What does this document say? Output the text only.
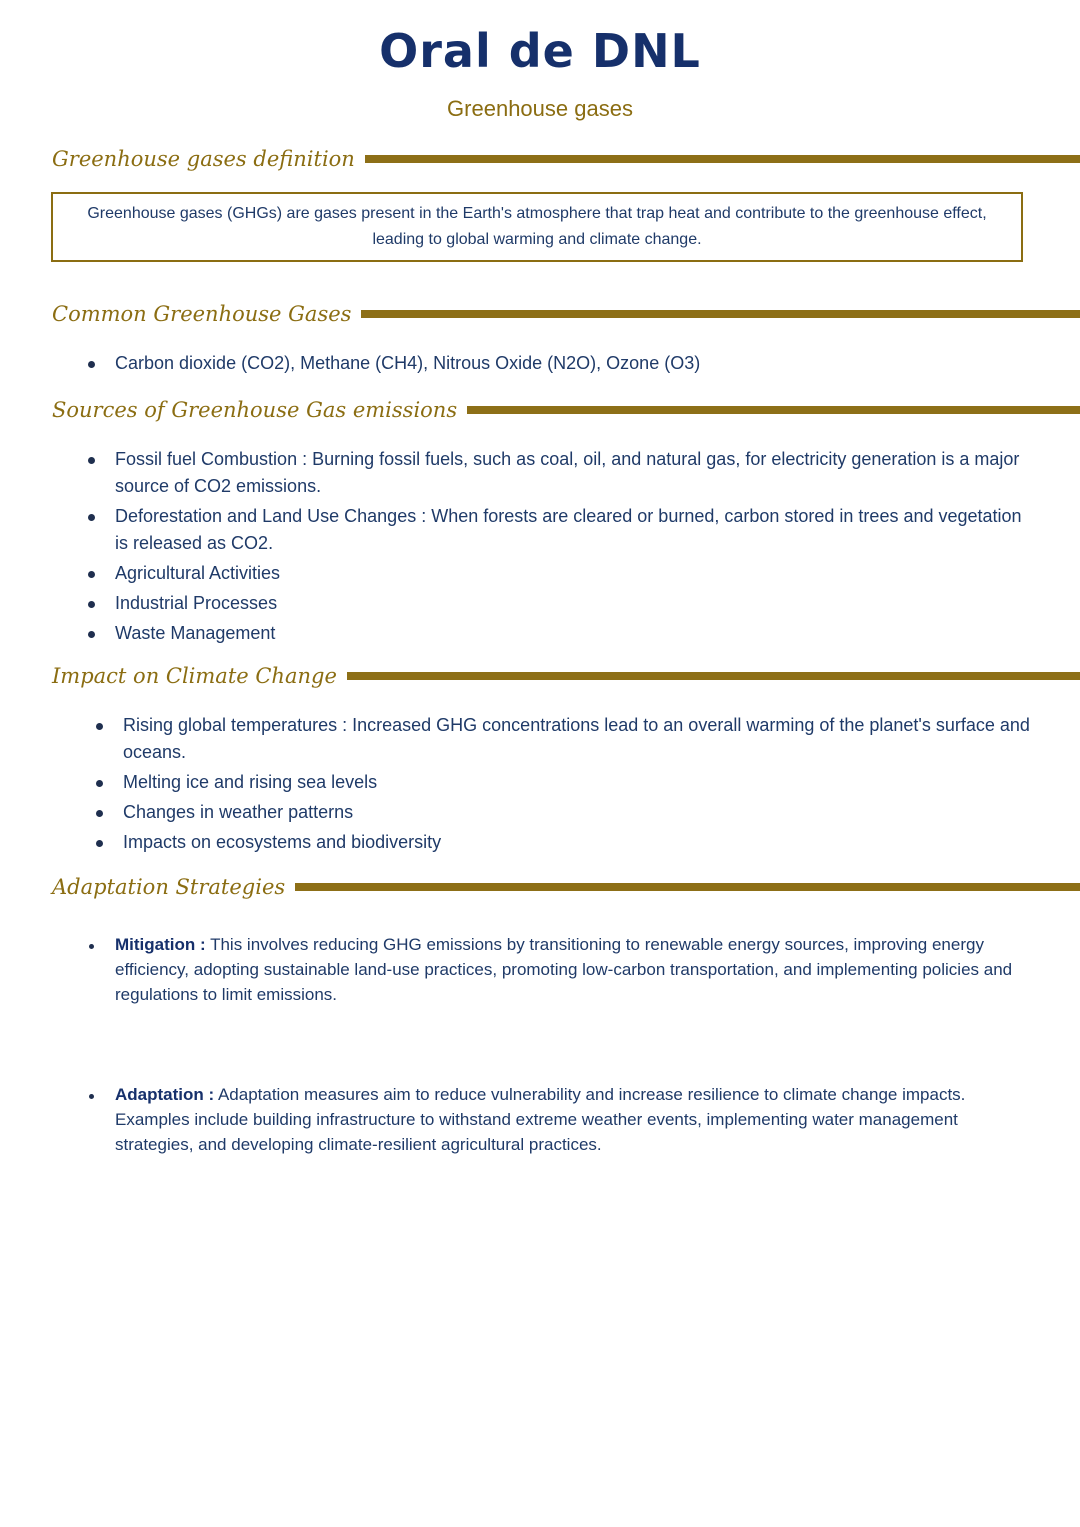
Oral de DNL
Greenhouse gases
Greenhouse gases definition
Greenhouse gases (GHGs) are gases present in the Earth's atmosphere that trap heat and contribute to the greenhouse effect, leading to global warming and climate change.
Common Greenhouse Gases
Carbon dioxide (CO2), Methane (CH4), Nitrous Oxide (N2O), Ozone (O3)
Sources of Greenhouse Gas emissions
Fossil fuel Combustion : Burning fossil fuels, such as coal, oil, and natural gas, for electricity generation is a major source of CO2 emissions.
Deforestation and Land Use Changes : When forests are cleared or burned, carbon stored in trees and vegetation is released as CO2.
Agricultural Activities
Industrial Processes
Waste Management
Impact on Climate Change
Rising global temperatures : Increased GHG concentrations lead to an overall warming of the planet's surface and oceans.
Melting ice and rising sea levels
Changes in weather patterns
Impacts on ecosystems and biodiversity
Adaptation Strategies
Mitigation : This involves reducing GHG emissions by transitioning to renewable energy sources, improving energy efficiency, adopting sustainable land-use practices, promoting low-carbon transportation, and implementing policies and regulations to limit emissions.
Adaptation : Adaptation measures aim to reduce vulnerability and increase resilience to climate change impacts. Examples include building infrastructure to withstand extreme weather events, implementing water management strategies, and developing climate-resilient agricultural practices.
